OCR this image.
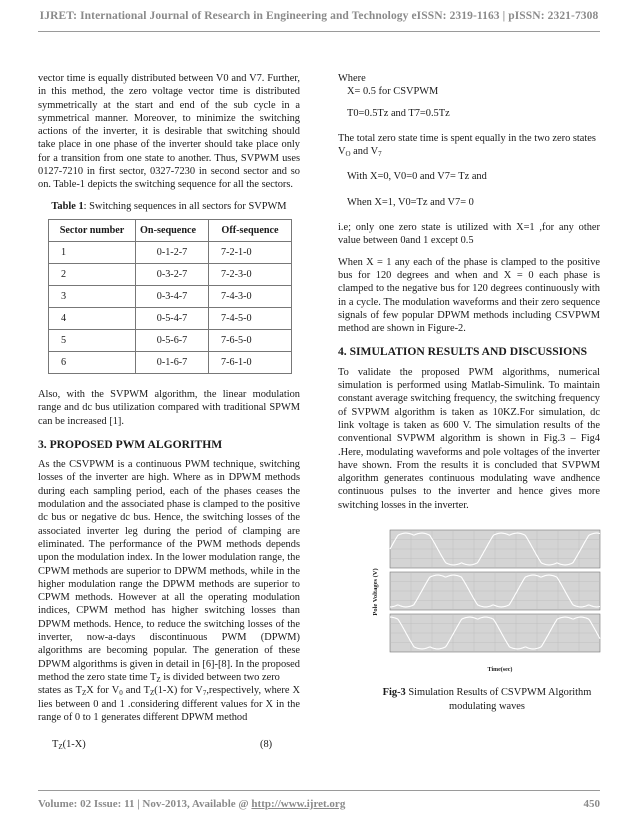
IJRET: International Journal of Research in Engineering and Technology eISSN: 2319-1163 | pISSN: 2321-7308

vector time is equally distributed between V0 and V7. Further, in this method, the zero voltage vector time is distributed symmetrically at the start and end of the sub cycle in a symmetrical manner. Moreover, to minimize the switching actions of the inverter, it is desirable that switching should take place in one phase of the inverter should take place only for a transition from one state to another. Thus, SVPWM uses 0127-7210 in first sector, 0327-7230 in second sector and so on. Table-1 depicts the switching sequence for all the sectors.

Table 1: Switching sequences in all sectors for SVPWM
Sector number	On-sequence	Off-sequence
1	0-1-2-7	7-2-1-0
2	0-3-2-7	7-2-3-0
3	0-3-4-7	7-4-3-0
4	0-5-4-7	7-4-5-0
5	0-5-6-7	7-6-5-0
6	0-1-6-7	7-6-1-0

Also, with the SVPWM algorithm, the linear modulation range and dc bus utilization compared with traditional SPWM can be increased [1].

3. PROPOSED PWM ALGORITHM

As the CSVPWM is a continuous PWM technique, switching losses of the inverter are high. Where as in DPWM methods during each sampling period, each of the phases ceases the modulation and the associated phase is clamped to the positive dc bus or negative dc bus. Hence, the switching losses of the associated inverter leg during the period of clamping are eliminated. The performance of the PWM methods depends upon the modulation index. In the lower modulation range, the CPWM methods are superior to DPWM methods, while in the higher modulation range the DPWM methods are superior to CPWM methods. However at all the operating modulation indices, CPWM method has higher switching losses than DPWM methods. Hence, to reduce the switching losses of the inverter, now-a-days discontinuous PWM (DPWM) algorithms are becoming popular. The generation of these DPWM algorithms is given in detail in [6]-[8]. In the proposed method the zero state time $T_Z$ is divided between two zero

states as $T_ZX$ for $V_0$ and $T_Z(1-X)$ for $V_7,respectively$, where X lies between 0 and 1 .considering different values for X in the range of 0 to 1 generates different DPWM method

$T_Z(1-X)$	(8)

Where

X= 0.5 for CSVPWM

T0=0.5Tz and T7=0.5Tz

The total zero state time is spent equally in the two zero states $V_O$ and $V_7$

With X=0, V0=0 and V7= Tz and

When X=1, V0=Tz and V7= 0

i.e; only one zero state is utilized with X=1 ,for any other value between 0and 1 except 0.5

When X = 1 any each of the phase is clamped to the positive bus for 120 degrees and when and X = 0 each phase is clamped to the negative bus for 120 degrees continuously with in a cycle. The modulation waveforms and their zero sequence signals of few popular DPWM methods including CSVPWM method are shown in Figure-2.

4. SIMULATION RESULTS AND DISCUSSIONS

To validate the proposed PWM algorithms, numerical simulation is performed using Matlab-Simulink. To maintain constant average switching frequency, the switching frequency of SVPWM algorithm is taken as 10KZ.For simulation, dc link voltage is taken as 600 V. The simulation results of the conventional SVPWM algorithm is shown in Fig.3 – Fig4 .Here, modulating waveforms and pole voltages of the inverter have shown. From the results it is concluded that SVPWM algorithm generates continuous modulating wave andhence continuous pulses to the inverter and hence gives more switching losses in the inverter.

Pole Voltages (V)
Time(sec)
Fig-3 Simulation Results of CSVPWM Algorithm modulating waves
Volume: 02 Issue: 11 | Nov-2013, Available @ http://www.ijret.org	450
